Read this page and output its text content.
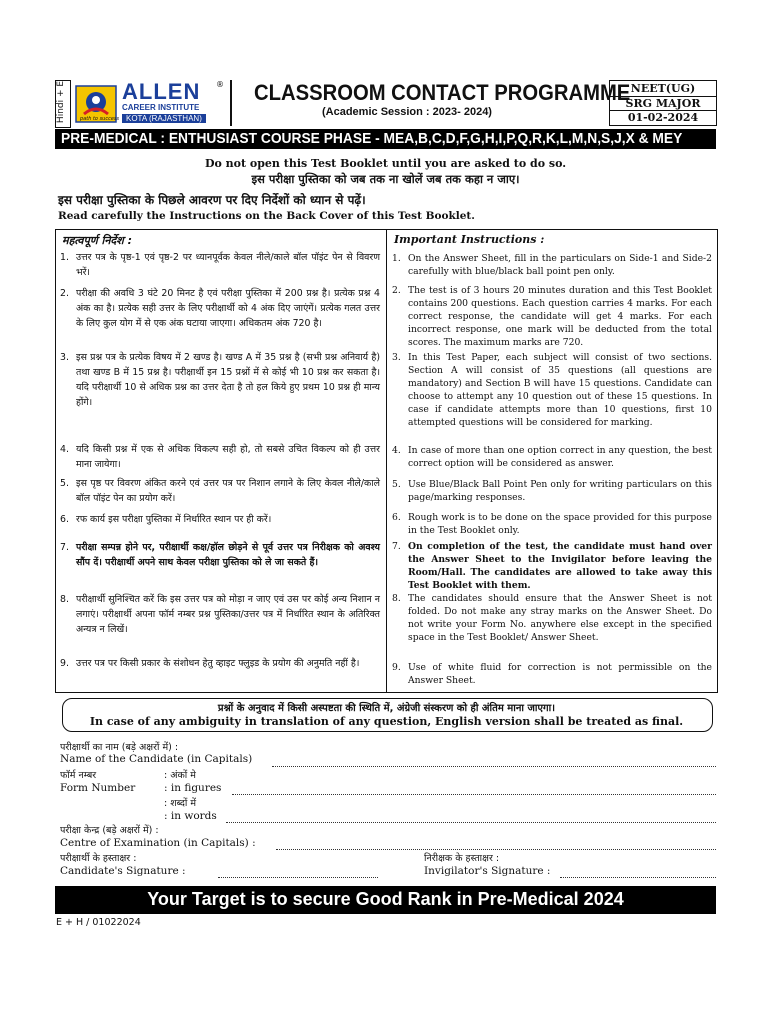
Hindi + E	ALLEN ®
CAREER INSTITUTE
KOTA (RAJASTHAN)
path to success
CLASSROOM CONTACT PROGRAMME
(Academic Session : 2023- 2024)
NEET(UG)
SRG MAJOR
01-02-2024
PRE-MEDICAL : ENTHUSIAST COURSE PHASE - MEA,B,C,D,F,G,H,I,P,Q,R,K,L,M,N,S,J,X & MEY
Do not open this Test Booklet until you are asked to do so.
इस परीक्षा पुस्तिका को जब तक ना खोलें जब तक कहा न जाए।
इस परीक्षा पुस्तिका के पिछले आवरण पर दिए निर्देशों को ध्यान से पढ़ें।
Read carefully the Instructions on the Back Cover of this Test Booklet.
महत्वपूर्ण निर्देश :	Important Instructions :
1. उत्तर पत्र के पृष्ठ-1 एवं पृष्ठ-2 पर ध्यानपूर्वक केवल नीले/काले बॉल पॉइंट पेन से विवरण भरें।
2. परीक्षा की अवधि 3 घंटे 20 मिनट है एवं परीक्षा पुस्तिका में 200 प्रश्न है। प्रत्येक प्रश्न 4 अंक का है। प्रत्येक सही उत्तर के लिए परीक्षार्थी को 4 अंक दिए जाएंगें। प्रत्येक गलत उत्तर के लिए कुल योग में से एक अंक घटाया जाएगा। अधिकतम अंक 720 है।
3. इस प्रश्न पत्र के प्रत्येक विषय में 2 खण्ड है। खण्ड A में 35 प्रश्न है (सभी प्रश्न अनिवार्य है) तथा खण्ड B में 15 प्रश्न है। परीक्षार्थी इन 15 प्रश्नों में से कोई भी 10 प्रश्न कर सकता है। यदि परीक्षार्थी 10 से अधिक प्रश्न का उत्तर देता है तो हल किये हुए प्रथम 10 प्रश्न ही मान्य होंगे।
4. यदि किसी प्रश्न में एक से अधिक विकल्प सही हो, तो सबसे उचित विकल्प को ही उत्तर माना जायेगा।
5. इस पृष्ठ पर विवरण अंकित करने एवं उत्तर पत्र पर निशान लगाने के लिए केवल नीले/काले बॉल पॉइंट पेन का प्रयोग करें।
6. रफ कार्य इस परीक्षा पुस्तिका में निर्धारित स्थान पर ही करें।
7. परीक्षा सम्पन्न होने पर, परीक्षार्थी कक्ष/हॉल छोड़ने से पूर्व उत्तर पत्र निरीक्षक को अवश्य सौंप दें। परीक्षार्थी अपने साथ केवल परीक्षा पुस्तिका को ले जा सकते हैं।
8. परीक्षार्थी सुनिश्चित करें कि इस उत्तर पत्र को मोड़ा न जाए एवं उस पर कोई अन्य निशान न लगाएं। परीक्षार्थी अपना फॉर्म नम्बर प्रश्न पुस्तिका/उत्तर पत्र में निर्धारित स्थान के अतिरिक्त अन्यत्र न लिखें।
9. उत्तर पत्र पर किसी प्रकार के संशोधन हेतु व्हाइट फ्लुइड के प्रयोग की अनुमति नहीं है।
1. On the Answer Sheet, fill in the particulars on Side-1 and Side-2 carefully with blue/black ball point pen only.
2. The test is of 3 hours 20 minutes duration and this Test Booklet contains 200 questions. Each question carries 4 marks. For each correct response, the candidate will get 4 marks. For each incorrect response, one mark will be deducted from the total scores. The maximum marks are 720.
3. In this Test Paper, each subject will consist of two sections. Section A will consist of 35 questions (all questions are mandatory) and Section B will have 15 questions. Candidate can choose to attempt any 10 question out of these 15 questions. In case if candidate attempts more than 10 questions, first 10 attempted questions will be considered for marking.
4. In case of more than one option correct in any question, the best correct option will be considered as answer.
5. Use Blue/Black Ball Point Pen only for writing particulars on this page/marking responses.
6. Rough work is to be done on the space provided for this purpose in the Test Booklet only.
7. On completion of the test, the candidate must hand over the Answer Sheet to the Invigilator before leaving the Room/Hall. The candidates are allowed to take away this Test Booklet with them.
8. The candidates should ensure that the Answer Sheet is not folded. Do not make any stray marks on the Answer Sheet. Do not write your Form No. anywhere else except in the specified space in the Test Booklet/ Answer Sheet.
9. Use of white fluid for correction is not permissible on the Answer Sheet.
प्रश्नों के अनुवाद में किसी अस्पष्टता की स्थिति में, अंग्रेजी संस्करण को ही अंतिम माना जाएगा।
In case of any ambiguity in translation of any question, English version shall be treated as final.
परीक्षार्थी का नाम (बड़े अक्षरों में) :
Name of the Candidate (in Capitals)
फॉर्म नम्बर	: अंकों मे
Form Number	: in figures
: शब्दों में
: in words
परीक्षा केन्द्र (बड़े अक्षरों में) :
Centre of Examination (in Capitals) :
परीक्षार्थी के हस्ताक्षर :
Candidate's Signature :
निरीक्षक के हस्ताक्षर :
Invigilator's Signature :
Your Target is to secure Good Rank in Pre-Medical 2024
E + H / 01022024
